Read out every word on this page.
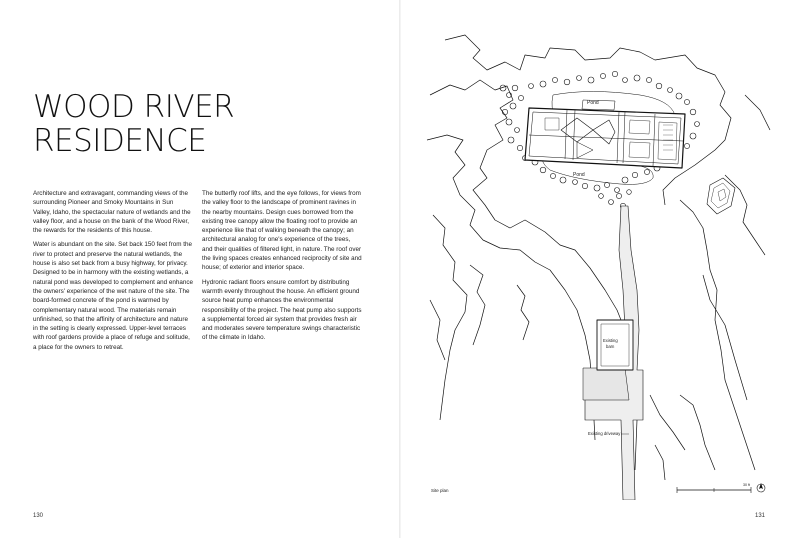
WOOD RIVER
RESIDENCE

Architecture and extravagant, commanding views of the surrounding Pioneer and Smoky Mountains in Sun Valley, Idaho, the spectacular nature of wetlands and the valley floor, and a house on the bank of the Wood River, the rewards for the residents of this house.

Water is abundant on the site. Set back 150 feet from the river to protect and preserve the natural wetlands, the house is also set back from a busy highway, for privacy. Designed to be in harmony with the existing wetlands, a natural pond was developed to complement and enhance the owners' experience of the wet nature of the site. The board-formed concrete of the pond is warmed by complementary natural wood. The materials remain unfinished, so that the affinity of architecture and nature in the setting is clearly expressed. Upper-level terraces with roof gardens provide a place of refuge and solitude, a place for the owners to retreat.

The butterfly roof lifts, and the eye follows, for views from the valley floor to the landscape of prominent ravines in the nearby mountains. Design cues borrowed from the existing tree canopy allow the floating roof to provide an experience like that of walking beneath the canopy; an architectural analog for one's experience of the trees, and their qualities of filtered light, in nature. The roof over the living spaces creates enhanced reciprocity of site and house; of exterior and interior space.

Hydronic radiant floors ensure comfort by distributing warmth evenly throughout the house. An efficient ground source heat pump enhances the environmental responsibility of the project. The heat pump also supports a supplemental forced air system that provides fresh air and moderates severe temperature swings characteristic of the climate in Idaho.

130
Pond
Pond
Existing
barn
Existing driveway
Site plan
30 ft
131
